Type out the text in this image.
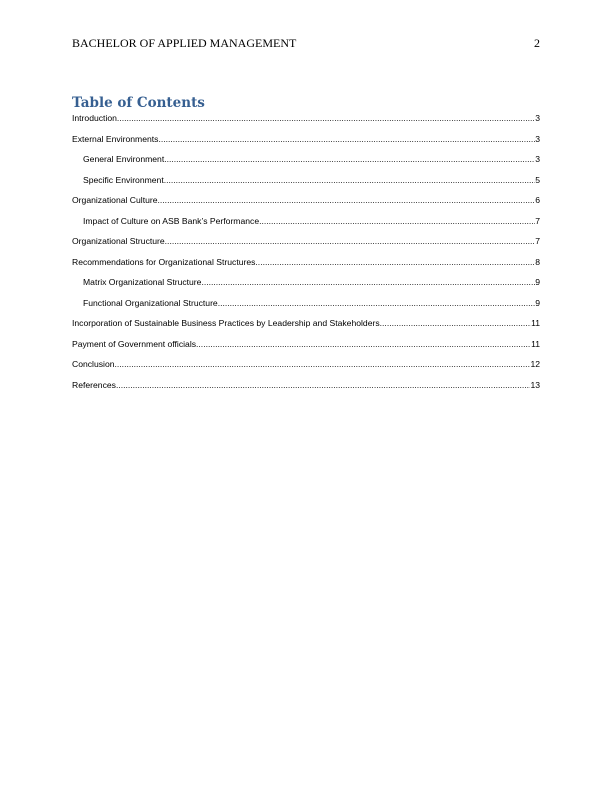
BACHELOR OF APPLIED MANAGEMENT	2
Table of Contents
Introduction .....	3
External Environments .....	3
General Environment .....	3
Specific Environment .....	5
Organizational Culture .....	6
Impact of Culture on ASB Bank’s Performance .....	7
Organizational Structure .....	7
Recommendations for Organizational Structures .....	8
Matrix Organizational Structure .....	9
Functional Organizational Structure .....	9
Incorporation of Sustainable Business Practices by Leadership and Stakeholders .....	11
Payment of Government officials .....	11
Conclusion .....	12
References .....	13
